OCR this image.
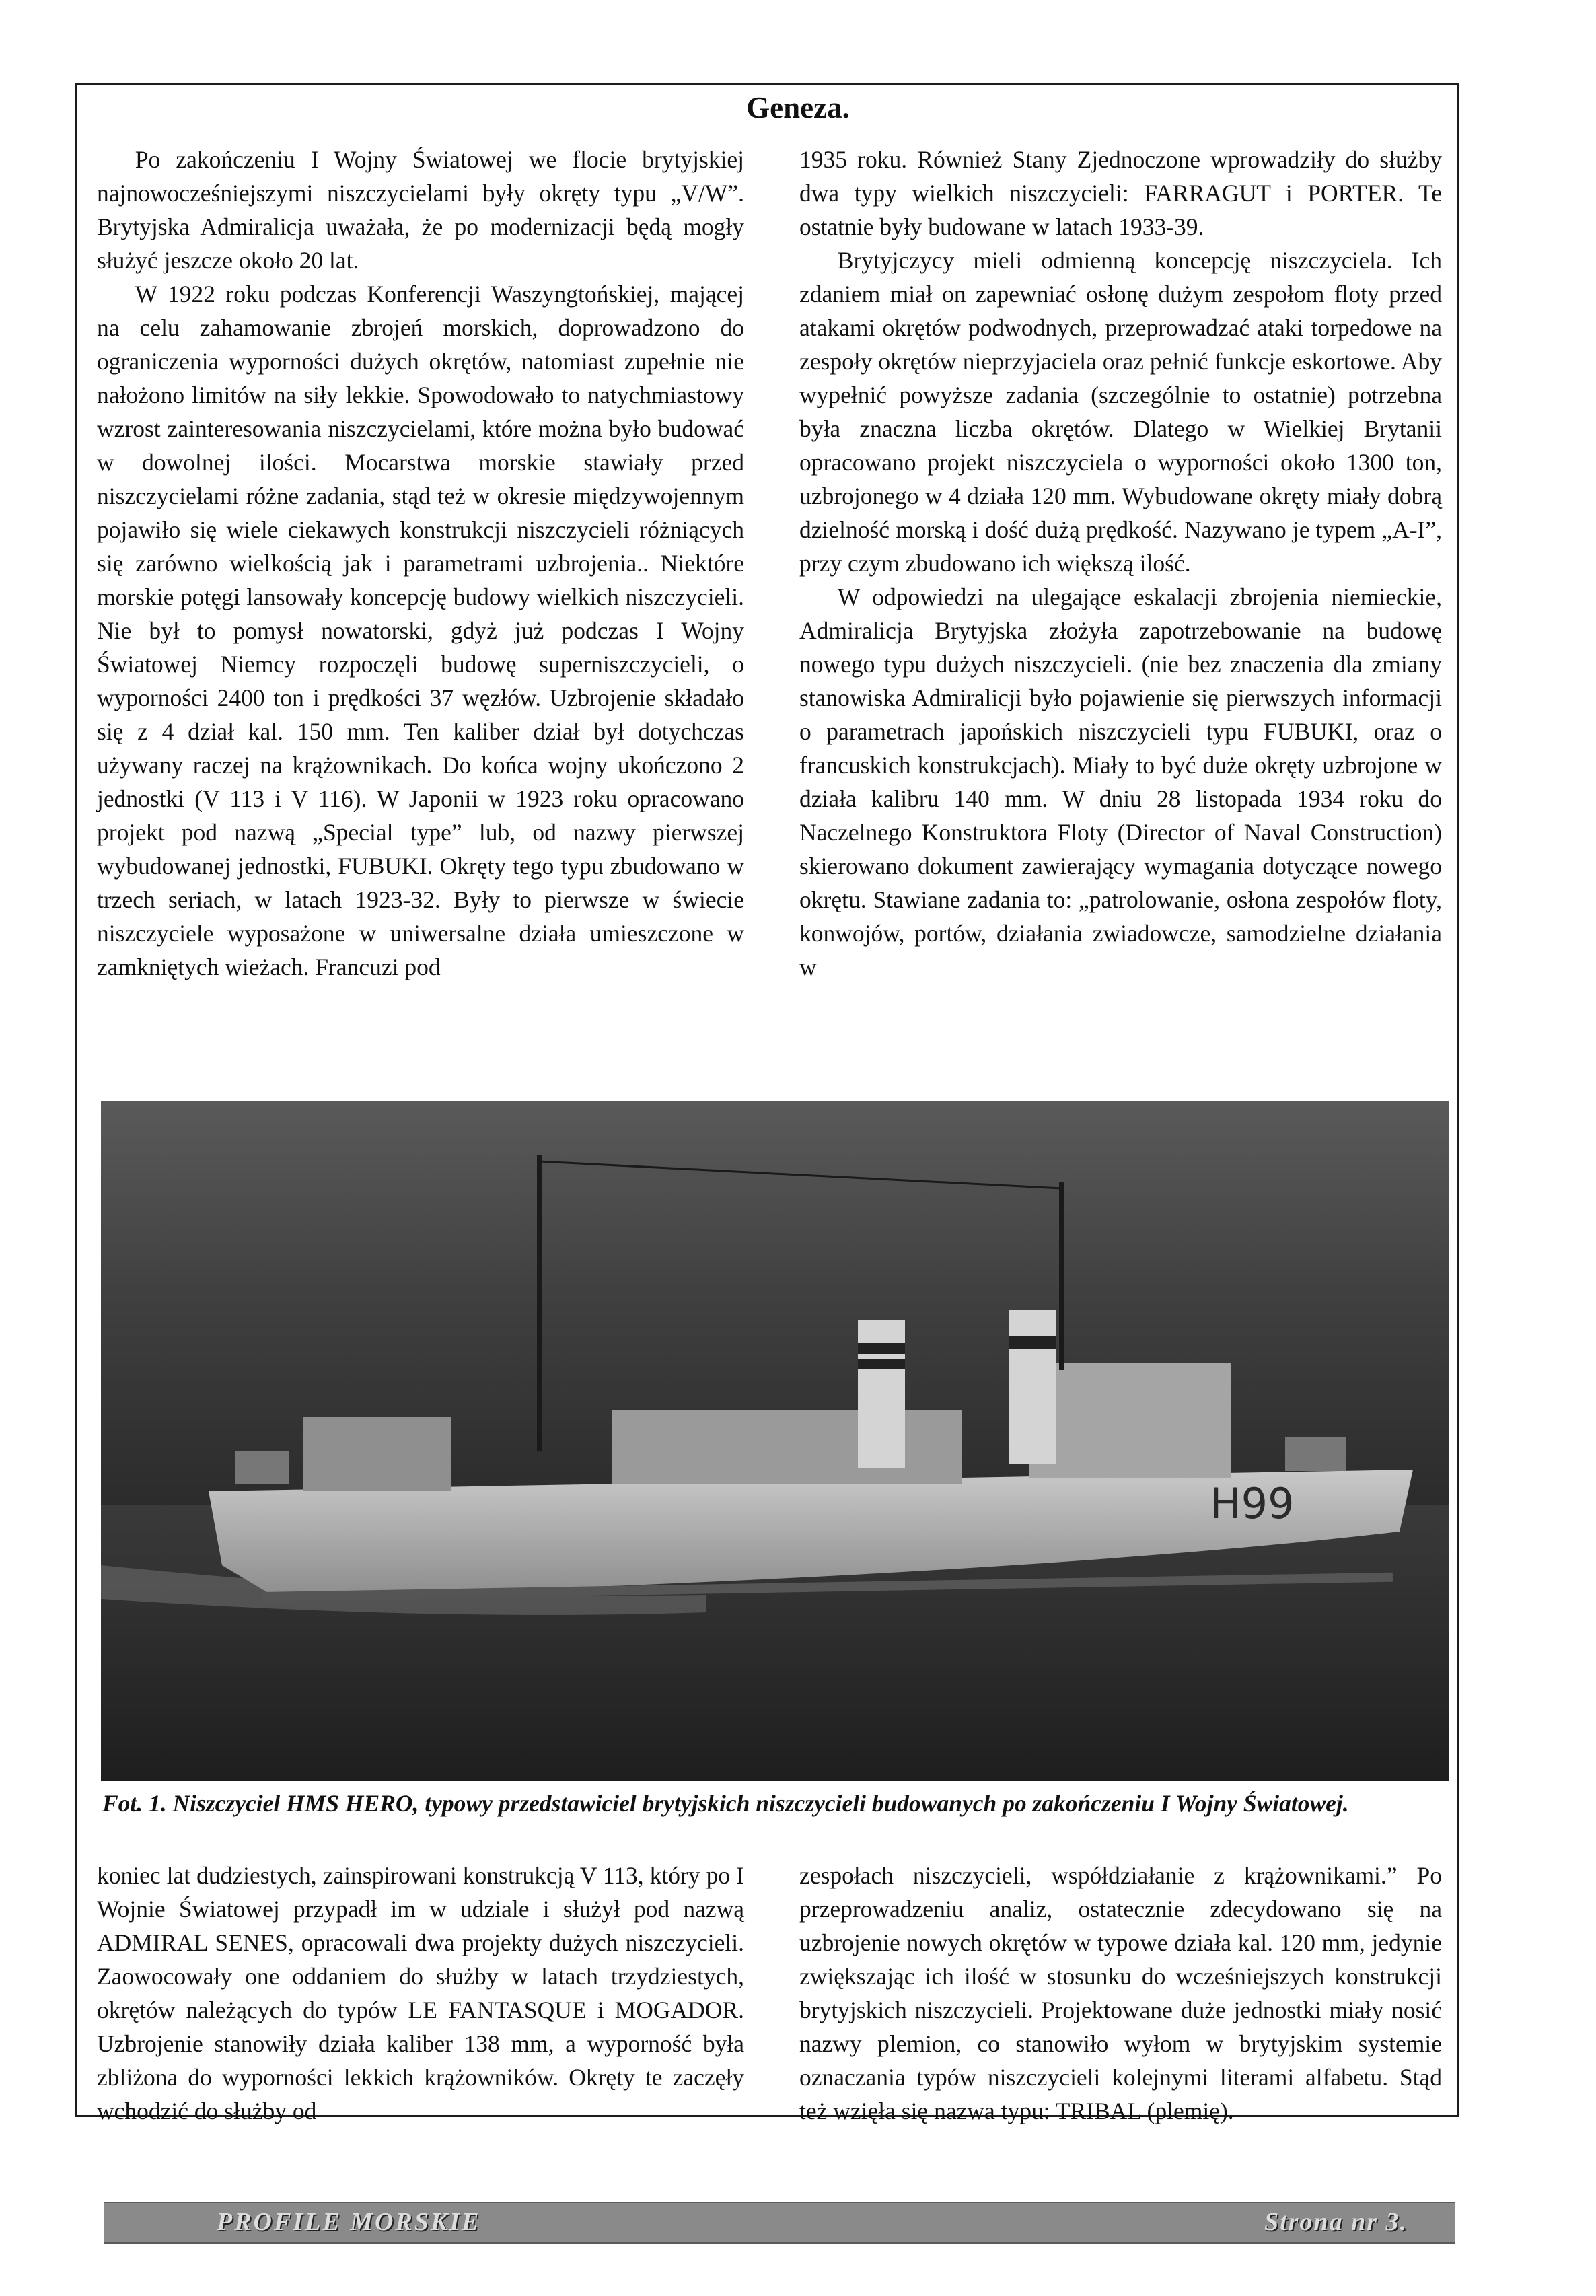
Geneza.

Po zakończeniu I Wojny Światowej we flocie brytyjskiej najnowocześniejszymi niszczycielami były okręty typu „V/W”. Brytyjska Admiralicja uważała, że po modernizacji będą mogły służyć jeszcze około 20 lat.

W 1922 roku podczas Konferencji Waszyngtońskiej, mającej na celu zahamowanie zbrojeń morskich, doprowadzono do ograniczenia wyporności dużych okrętów, natomiast zupełnie nie nałożono limitów na siły lekkie. Spowodowało to natychmiastowy wzrost zainteresowania niszczycielami, które można było budować w dowolnej ilości. Mocarstwa morskie stawiały przed niszczycielami różne zadania, stąd też w okresie międzywojennym pojawiło się wiele ciekawych konstrukcji niszczycieli różniących się zarówno wielkością jak i parametrami uzbrojenia.. Niektóre morskie potęgi lansowały koncepcję budowy wielkich niszczycieli. Nie był to pomysł nowatorski, gdyż już podczas I Wojny Światowej Niemcy rozpoczęli budowę superniszczycieli, o wyporności 2400 ton i prędkości 37 węzłów. Uzbrojenie składało się z 4 dział kal. 150 mm. Ten kaliber dział był dotychczas używany raczej na krążownikach. Do końca wojny ukończono 2 jednostki (V 113 i V 116). W Japonii w 1923 roku opracowano projekt pod nazwą „Special type” lub, od nazwy pierwszej wybudowanej jednostki, FUBUKI. Okręty tego typu zbudowano w trzech seriach, w latach 1923-32. Były to pierwsze w świecie niszczyciele wyposażone w uniwersalne działa umieszczone w zamkniętych wieżach. Francuzi pod

1935 roku. Również Stany Zjednoczone wprowadziły do służby dwa typy wielkich niszczycieli: FARRAGUT i PORTER. Te ostatnie były budowane w latach 1933-39.

Brytyjczycy mieli odmienną koncepcję niszczyciela. Ich zdaniem miał on zapewniać osłonę dużym zespołom floty przed atakami okrętów podwodnych, przeprowadzać ataki torpedowe na zespoły okrętów nieprzyjaciela oraz pełnić funkcje eskortowe. Aby wypełnić powyższe zadania (szczególnie to ostatnie) potrzebna była znaczna liczba okrętów. Dlatego w Wielkiej Brytanii opracowano projekt niszczyciela o wyporności około 1300 ton, uzbrojonego w 4 działa 120 mm. Wybudowane okręty miały dobrą dzielność morską i dość dużą prędkość. Nazywano je typem „A-I”, przy czym zbudowano ich większą ilość.

W odpowiedzi na ulegające eskalacji zbrojenia niemieckie, Admiralicja Brytyjska złożyła zapotrzebowanie na budowę nowego typu dużych niszczycieli. (nie bez znaczenia dla zmiany stanowiska Admiralicji było pojawienie się pierwszych informacji o parametrach japońskich niszczycieli typu FUBUKI, oraz o francuskich konstrukcjach). Miały to być duże okręty uzbrojone w działa kalibru 140 mm. W dniu 28 listopada 1934 roku do Naczelnego Konstruktora Floty (Director of Naval Construction) skierowano dokument zawierający wymagania dotyczące nowego okrętu. Stawiane zadania to: „patrolowanie, osłona zespołów floty, konwojów, portów, działania zwiadowcze, samodzielne działania w

H99

Fot. 1. Niszczyciel HMS HERO, typowy przedstawiciel brytyjskich niszczycieli budowanych po zakończeniu I Wojny Światowej.

koniec lat dudziestych, zainspirowani konstrukcją V 113, który po I Wojnie Światowej przypadł im w udziale i służył pod nazwą ADMIRAL SENES, opracowali dwa projekty dużych niszczycieli. Zaowocowały one oddaniem do służby w latach trzydziestych, okrętów należących do typów LE FANTASQUE i MOGADOR. Uzbrojenie stanowiły działa kaliber 138 mm, a wyporność była zbliżona do wyporności lekkich krążowników. Okręty te zaczęły wchodzić do służby od

zespołach niszczycieli, współdziałanie z krążownikami.” Po przeprowadzeniu analiz, ostatecznie zdecydowano się na uzbrojenie nowych okrętów w typowe działa kal. 120 mm, jedynie zwiększając ich ilość w stosunku do wcześniejszych konstrukcji brytyjskich niszczycieli. Projektowane duże jednostki miały nosić nazwy plemion, co stanowiło wyłom w brytyjskim systemie oznaczania typów niszczycieli kolejnymi literami alfabetu. Stąd też wzięła się nazwa typu: TRIBAL (plemię).

PROFILE MORSKIE	Strona nr 3.
